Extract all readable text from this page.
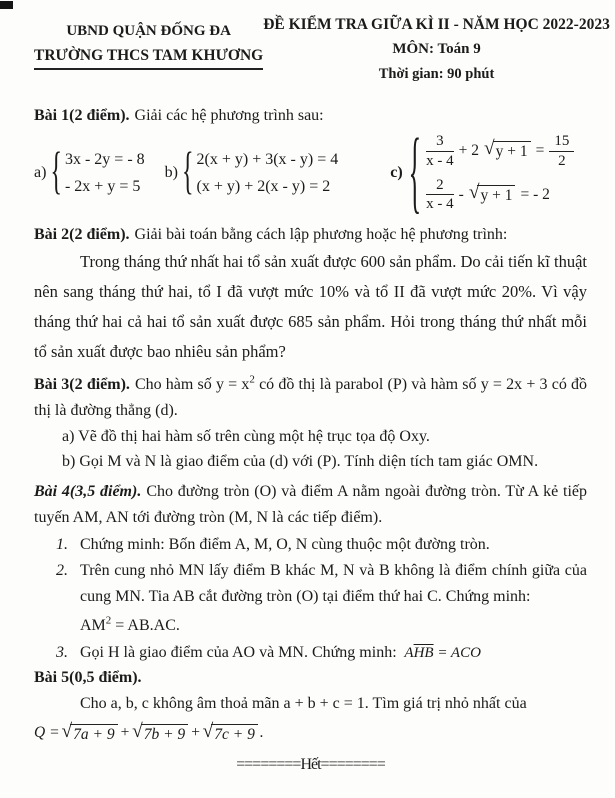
UBND QUẬN ĐỐNG ĐA
TRƯỜNG THCS TAM KHƯƠNG
ĐỀ KIỂM TRA GIỮA KÌ II - NĂM HỌC 2022-2023
MÔN: Toán 9
Thời gian: 90 phút
Bài 1(2 điểm). Giải các hệ phương trình sau:
a) { 3x - 2y = - 8
- 2x + y = 5
b) { 2(x + y) + 3(x - y) = 4
(x + y) + 2(x - y) = 2
c) { $\frac{3}{x - 4} + 2$ √ $y + 1 = \frac{15}{2}$
$\frac{2}{x - 4}$ - √ y + 1 = - 2
Bài 2(2 điểm). Giải bài toán bằng cách lập phương hoặc hệ phương trình:
Trong tháng thứ nhất hai tổ sản xuất được 600 sản phẩm. Do cải tiến kĩ thuật nên sang tháng thứ hai, tổ I đã vượt mức 10% và tổ II đã vượt mức 20%. Vì vậy tháng thứ hai cả hai tổ sản xuất được 685 sản phẩm. Hỏi trong tháng thứ nhất mỗi tổ sản xuất được bao nhiêu sản phẩm?
Bài 3(2 điểm). Cho hàm số $y = x^2$ có đồ thị là parabol (P) và hàm số y = 2x + 3 có đồ thị là đường thẳng (d).
a) Vẽ đồ thị hai hàm số trên cùng một hệ trục tọa độ Oxy.
b) Gọi M và N là giao điểm của (d) với (P). Tính diện tích tam giác OMN.
Bài 4(3,5 điểm). Cho đường tròn (O) và điểm A nằm ngoài đường tròn. Từ A kẻ tiếp tuyến AM, AN tới đường tròn (M, N là các tiếp điểm).
1. Chứng minh: Bốn điểm A, M, O, N cùng thuộc một đường tròn.
2. Trên cung nhỏ MN lấy điểm B khác M, N và B không là điểm chính giữa của cung MN. Tia AB cắt đường tròn (O) tại điểm thứ hai C. Chứng minh:
$AM^2 = AB.AC$.
3. Gọi H là giao điểm của AO và MN. Chứng minh: $A\overline{HB}$ = ACO
Bài 5(0,5 điểm).
Cho a, b, c không âm thoả mãn a + b + c = 1. Tìm giá trị nhỏ nhất của
Q = √ 7a + 9 + √ 7b + 9 + √ 7c + 9 .
========Hết========
